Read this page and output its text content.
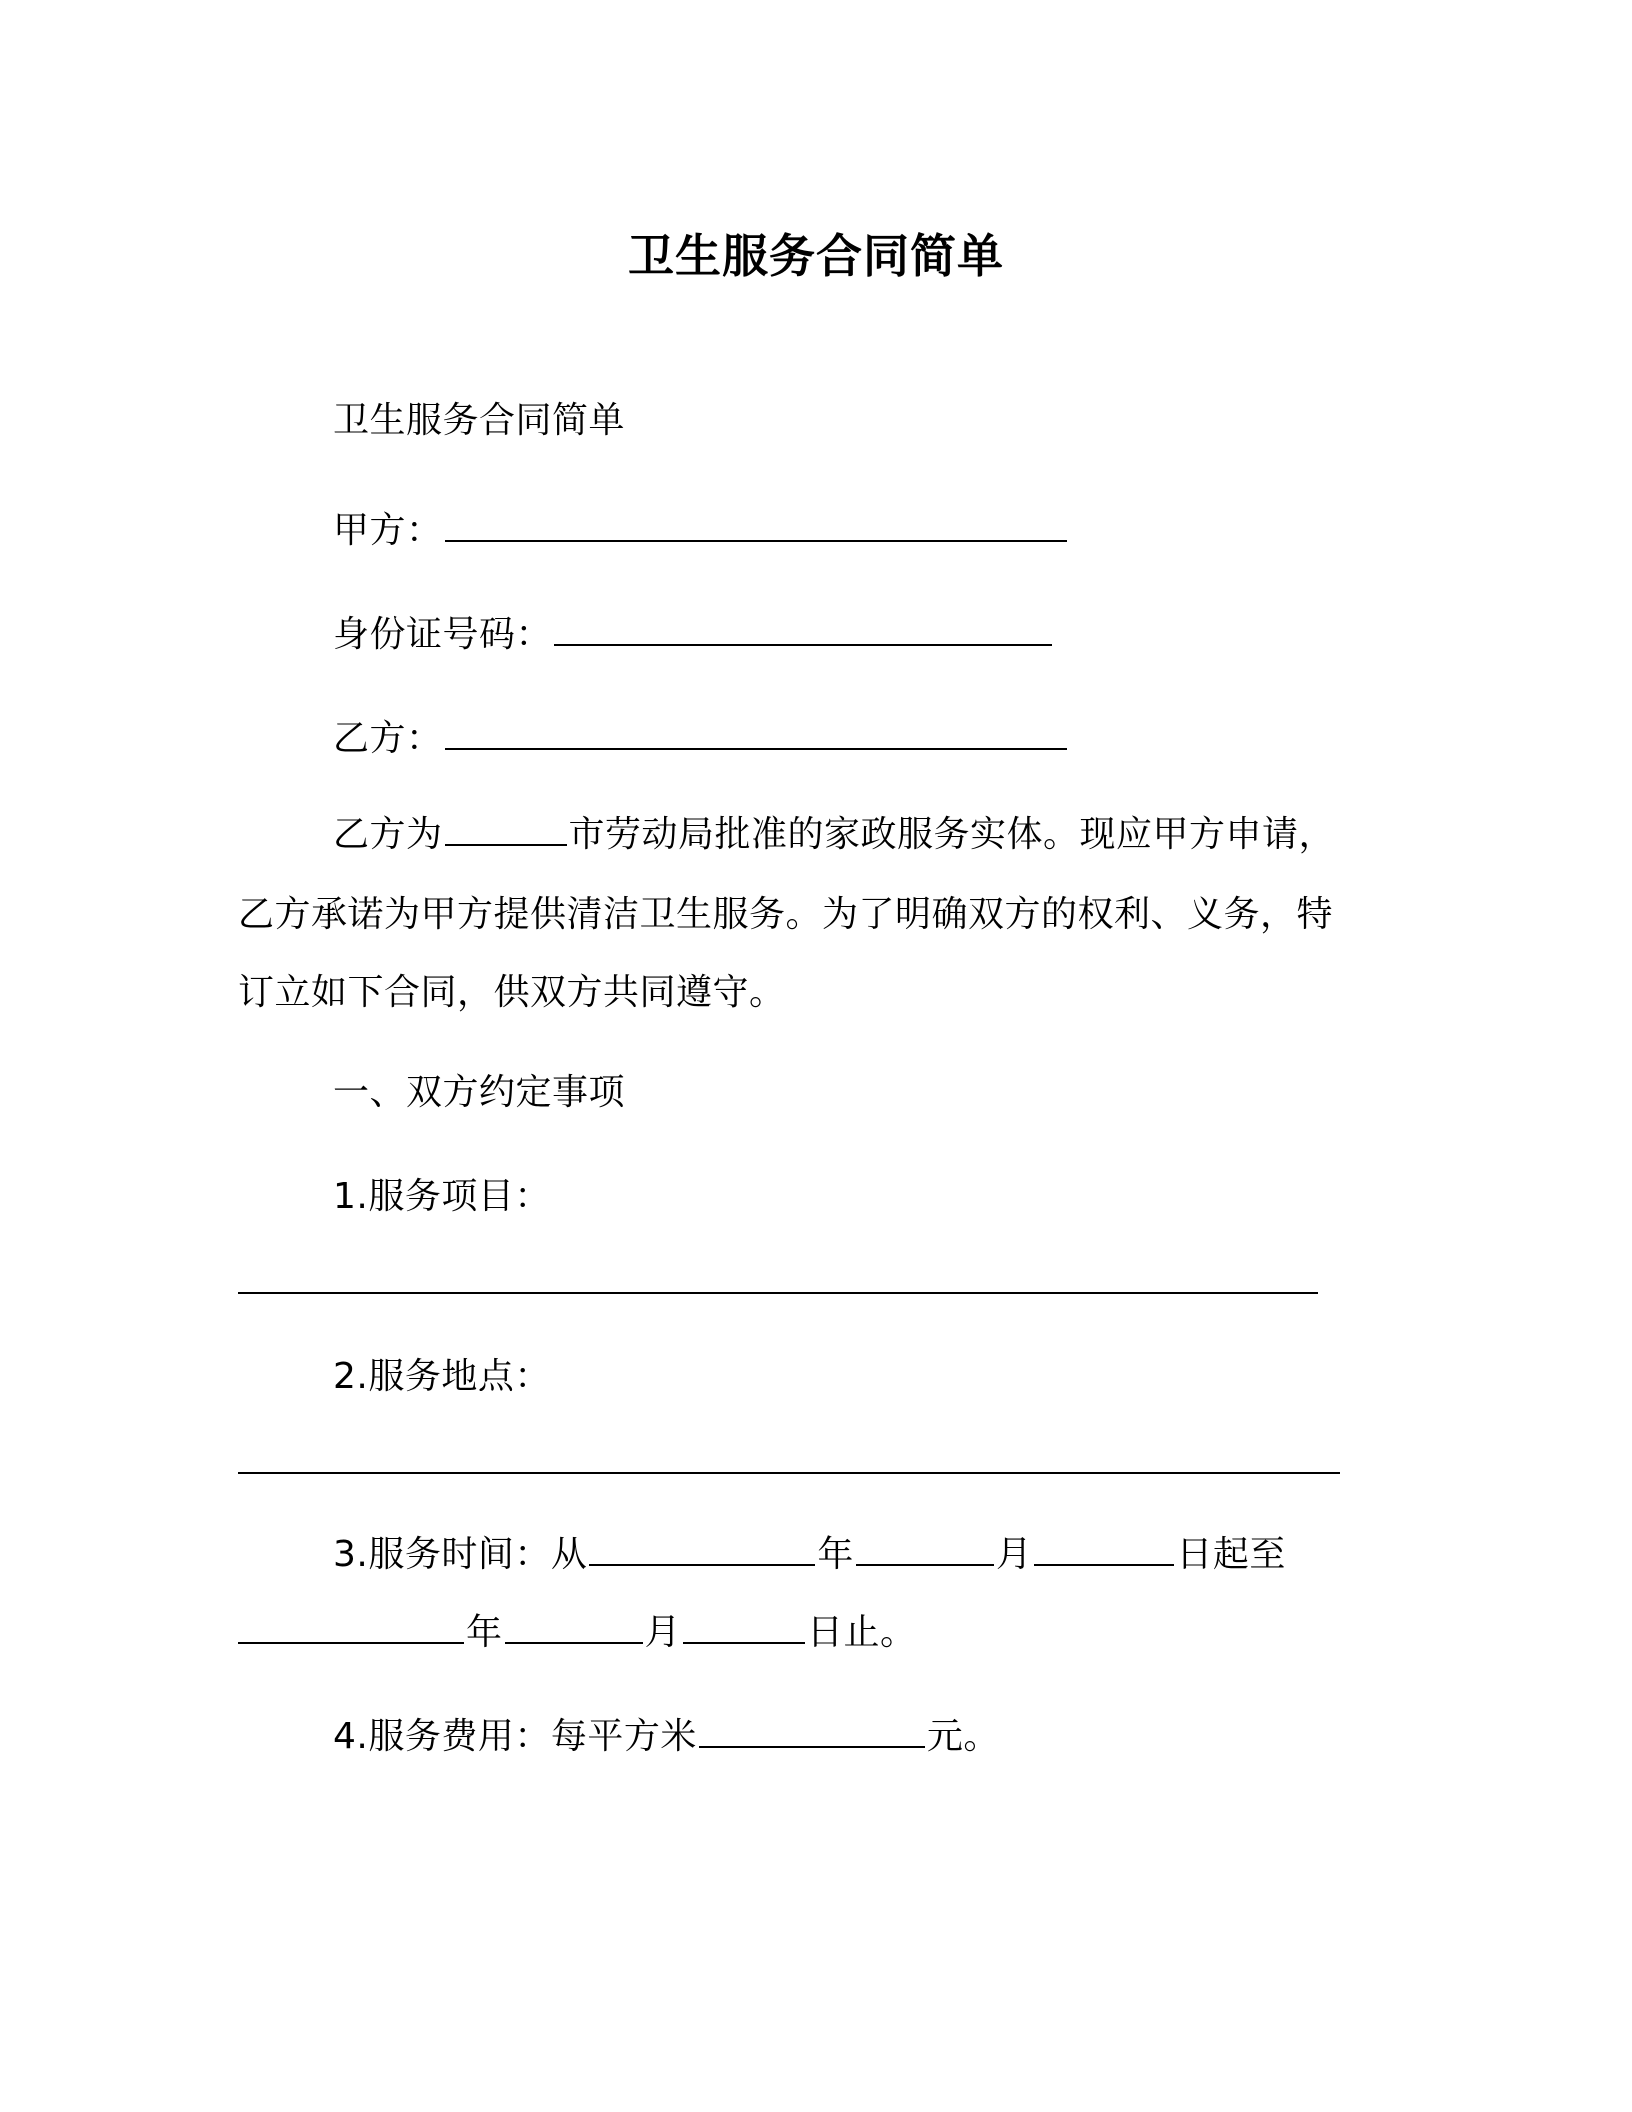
卫生服务合同简单
卫生服务合同简单
甲方：
身份证号码：
乙方：
乙方为	市劳动局批准的家政服务实体。现应甲方申请，
乙方承诺为甲方提供清洁卫生服务。为了明确双方的权利、义务，特
订立如下合同，供双方共同遵守。
一、双方约定事项
1.服务项目：
2.服务地点：
3.服务时间：从	年	月	日起至
年	月	日止。
4.服务费用：每平方米	元。
